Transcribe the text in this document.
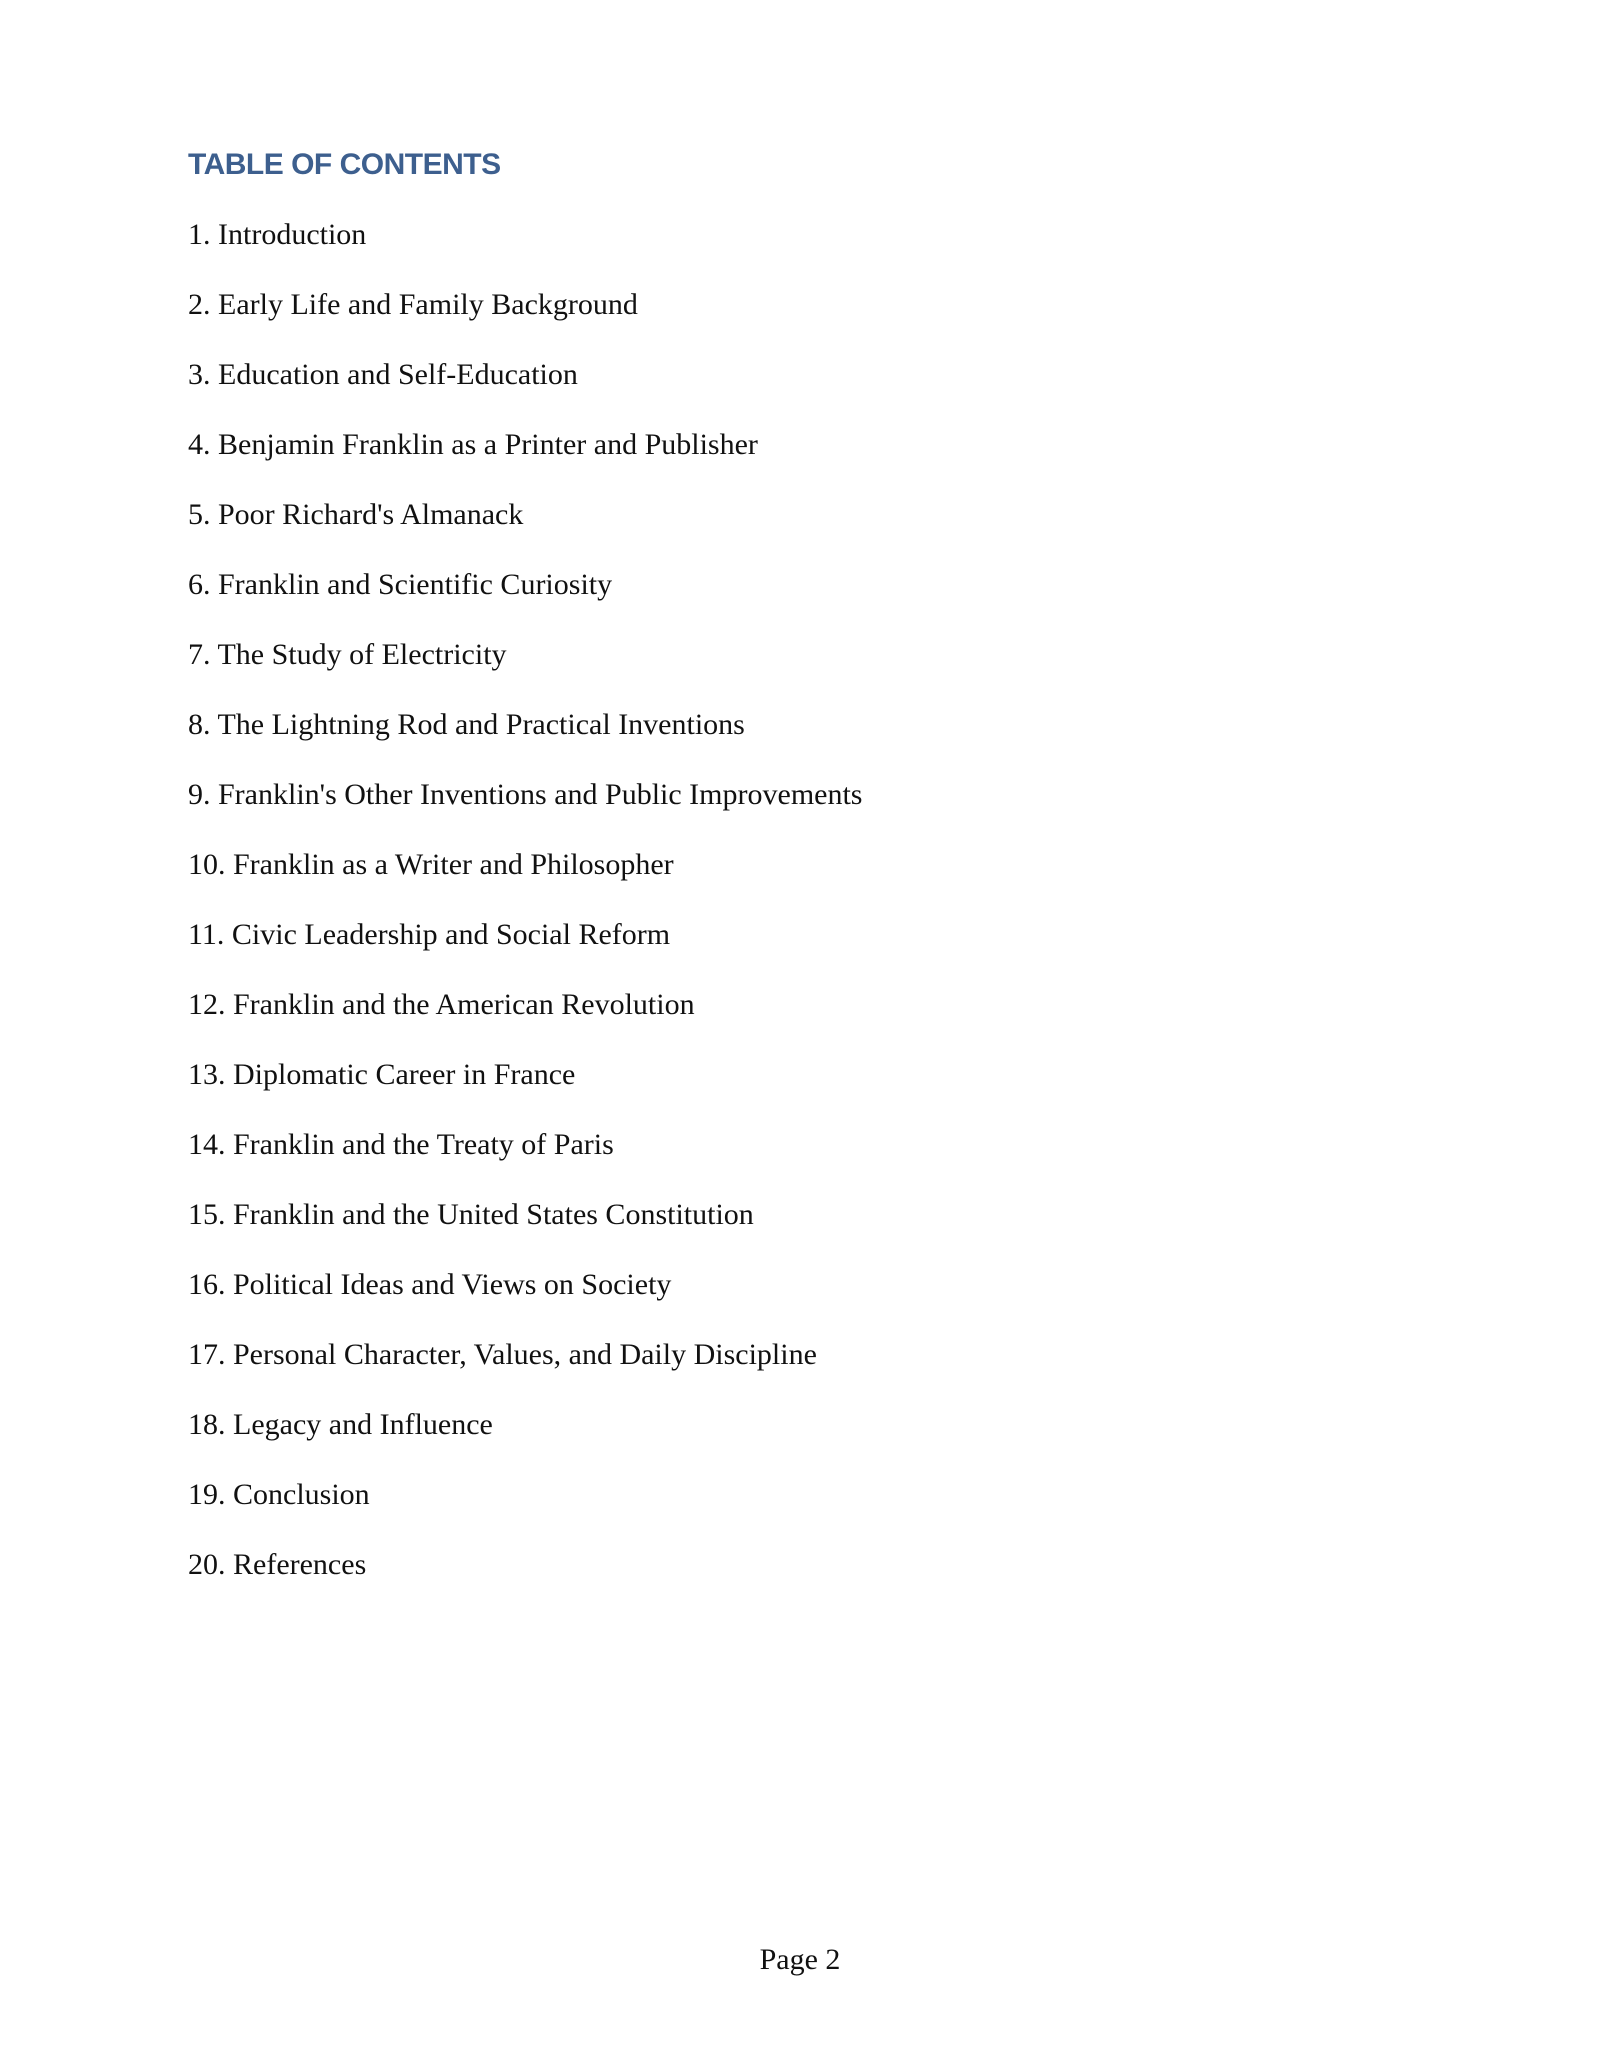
TABLE OF CONTENTS
1. Introduction
2. Early Life and Family Background
3. Education and Self-Education
4. Benjamin Franklin as a Printer and Publisher
5. Poor Richard's Almanack
6. Franklin and Scientific Curiosity
7. The Study of Electricity
8. The Lightning Rod and Practical Inventions
9. Franklin's Other Inventions and Public Improvements
10. Franklin as a Writer and Philosopher
11. Civic Leadership and Social Reform
12. Franklin and the American Revolution
13. Diplomatic Career in France
14. Franklin and the Treaty of Paris
15. Franklin and the United States Constitution
16. Political Ideas and Views on Society
17. Personal Character, Values, and Daily Discipline
18. Legacy and Influence
19. Conclusion
20. References
Page 2
